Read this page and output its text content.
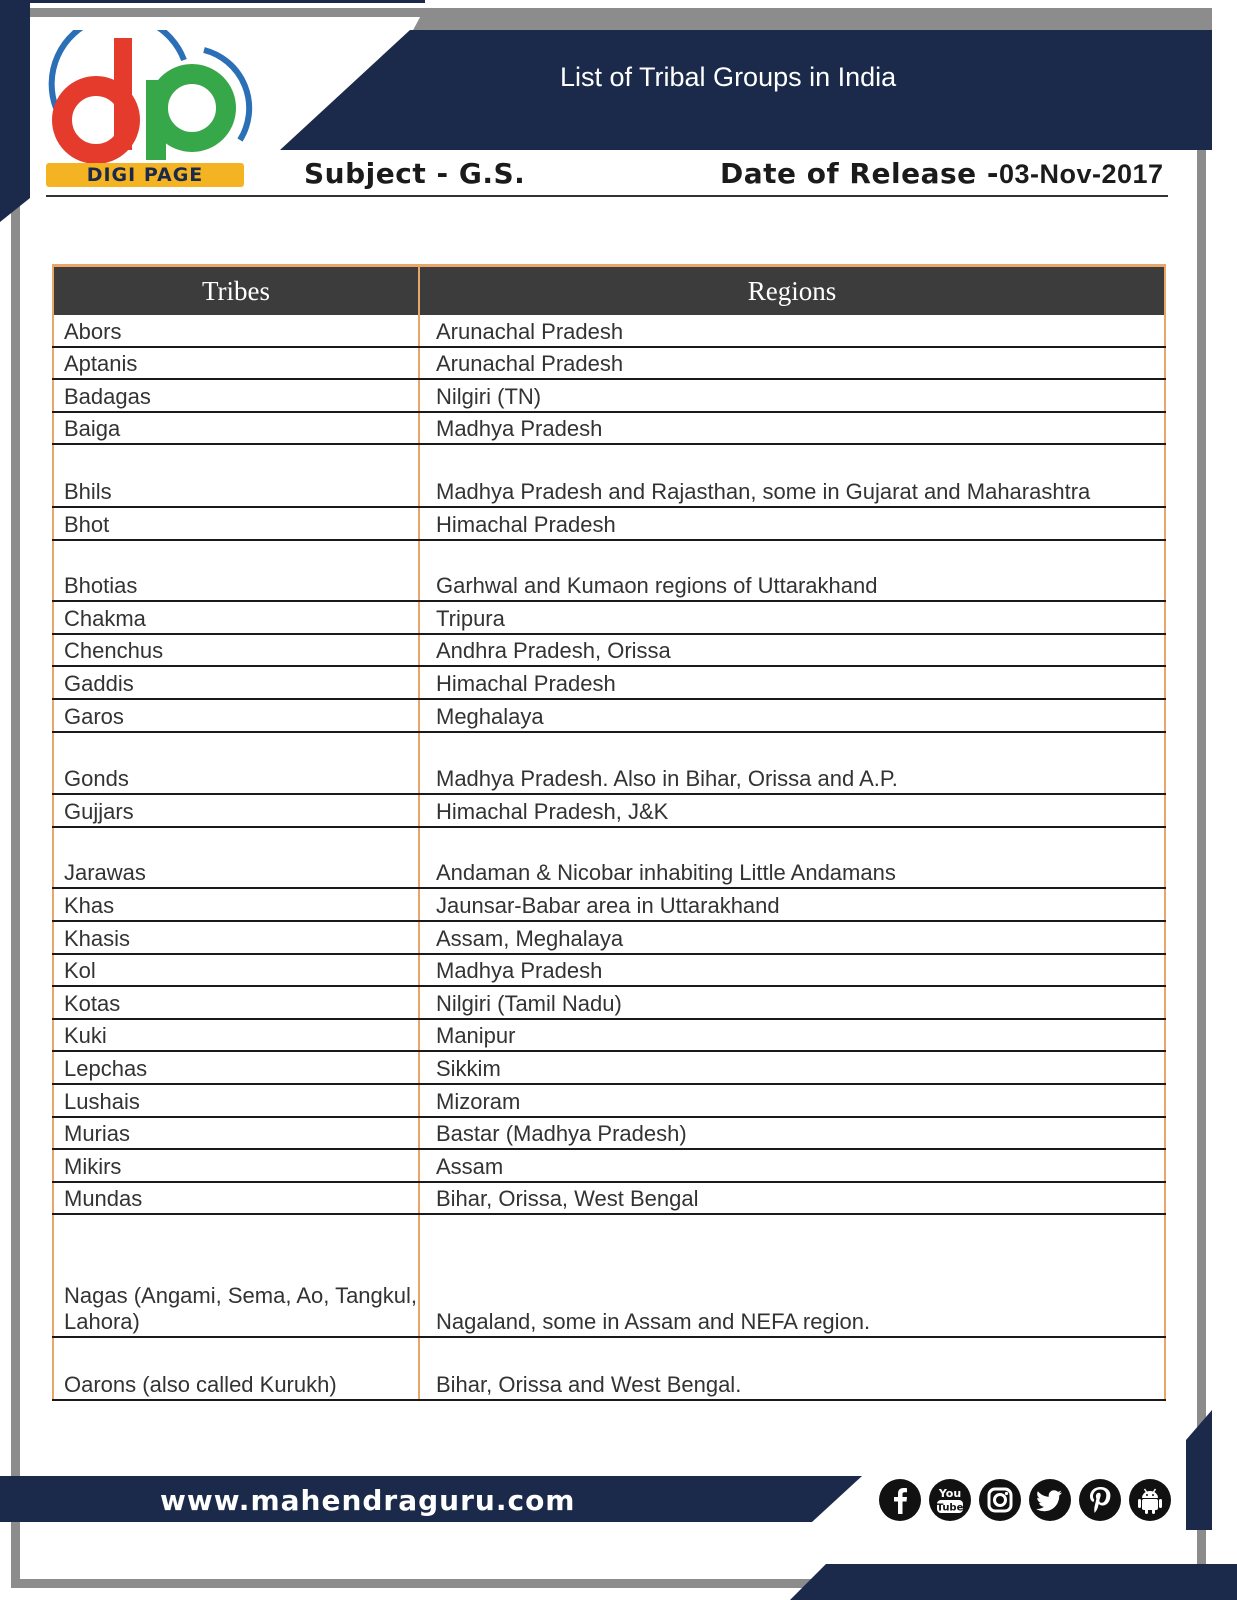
List of Tribal Groups in India
DIGI PAGE	Subject - G.S.	Date of Release -03-Nov-2017
Tribes	Regions
Abors	Arunachal Pradesh
Aptanis	Arunachal Pradesh
Badagas	Nilgiri (TN)
Baiga	Madhya Pradesh
Bhils	Madhya Pradesh and Rajasthan, some in Gujarat and Maharashtra
Bhot	Himachal Pradesh
Bhotias	Garhwal and Kumaon regions of Uttarakhand
Chakma	Tripura
Chenchus	Andhra Pradesh, Orissa
Gaddis	Himachal Pradesh
Garos	Meghalaya
Gonds	Madhya Pradesh. Also in Bihar, Orissa and A.P.
Gujjars	Himachal Pradesh, J&K
Jarawas	Andaman & Nicobar inhabiting Little Andamans
Khas	Jaunsar-Babar area in Uttarakhand
Khasis	Assam, Meghalaya
Kol	Madhya Pradesh
Kotas	Nilgiri (Tamil Nadu)
Kuki	Manipur
Lepchas	Sikkim
Lushais	Mizoram
Murias	Bastar (Madhya Pradesh)
Mikirs	Assam
Mundas	Bihar, Orissa, West Bengal
Nagas (Angami, Sema, Ao, Tangkul, Lahora)	Nagaland, some in Assam and NEFA region.
Oarons (also called Kurukh)	Bihar, Orissa and West Bengal.
www.mahendraguru.com	You
Tube
